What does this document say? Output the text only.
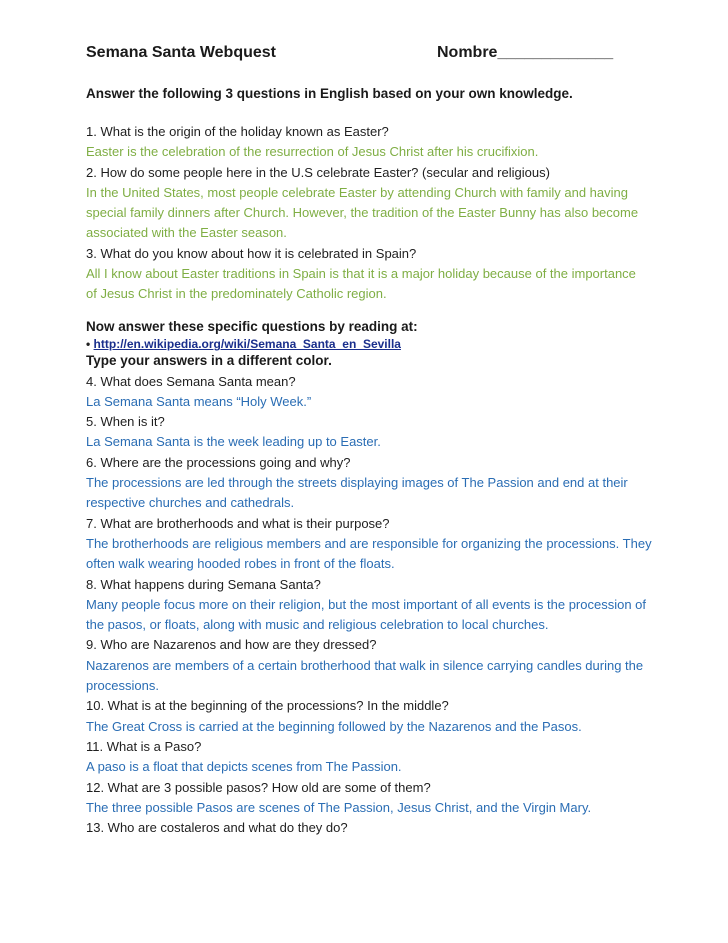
Semana Santa Webquest	Nombre_____________
Answer the following 3 questions in English based on your own knowledge.

1. What is the origin of the holiday known as Easter?

Easter is the celebration of the resurrection of Jesus Christ after his crucifixion.

2. How do some people here in the U.S celebrate Easter? (secular and religious)

In the United States, most people celebrate Easter by attending Church with family and having special family dinners after Church. However, the tradition of the Easter Bunny has also become associated with the Easter season.

3. What do you know about how it is celebrated in Spain?

All I know about Easter traditions in Spain is that it is a major holiday because of the importance of Jesus Christ in the predominately Catholic region.

Now answer these specific questions by reading at:

• http://en.wikipedia.org/wiki/Semana_Santa_en_Sevilla

Type your answers in a different color.

4. What does Semana Santa mean?

La Semana Santa means “Holy Week.”

5. When is it?

La Semana Santa is the week leading up to Easter.

6. Where are the processions going and why?

The processions are led through the streets displaying images of The Passion and end at their respective churches and cathedrals.

7. What are brotherhoods and what is their purpose?

The brotherhoods are religious members and are responsible for organizing the processions. They often walk wearing hooded robes in front of the floats.

8. What happens during Semana Santa?

Many people focus more on their religion, but the most important of all events is the procession of the pasos, or floats, along with music and religious celebration to local churches.

9. Who are Nazarenos and how are they dressed?

Nazarenos are members of a certain brotherhood that walk in silence carrying candles during the processions.

10. What is at the beginning of the processions? In the middle?

The Great Cross is carried at the beginning followed by the Nazarenos and the Pasos.

11. What is a Paso?

A paso is a float that depicts scenes from The Passion.

12. What are 3 possible pasos? How old are some of them?

The three possible Pasos are scenes of The Passion, Jesus Christ, and the Virgin Mary.

13. Who are costaleros and what do they do?
